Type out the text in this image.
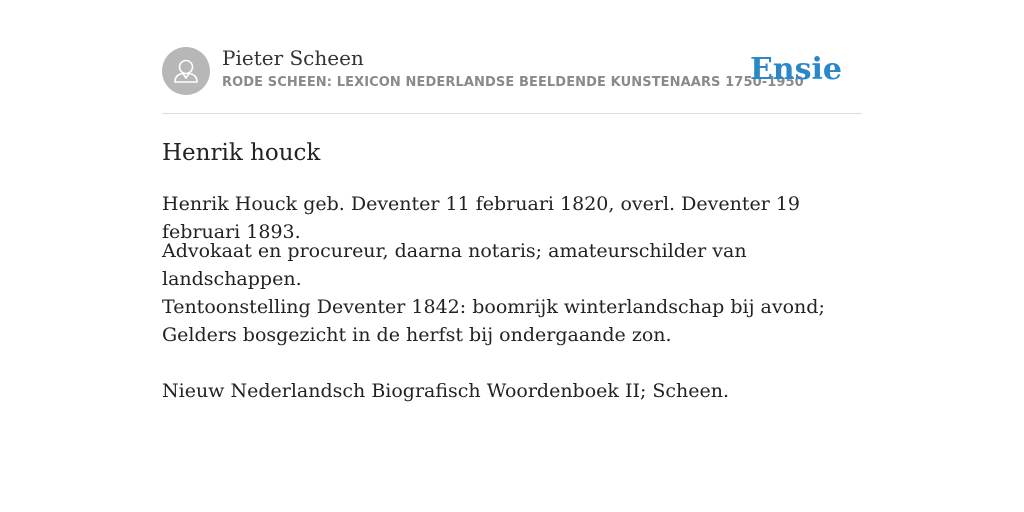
Pieter Scheen
RODE SCHEEN: LEXICON NEDERLANDSE BEELDENDE KUNSTENAARS 1750-1950
Ensie
Henrik houck

Henrik Houck geb. Deventer 11 februari 1820, overl. Deventer 19 februari 1893.

Advokaat en procureur, daarna notaris; amateurschilder van landschappen.

Tentoonstelling Deventer 1842: boomrijk winterlandschap bij avond; Gelders bosgezicht in de herfst bij ondergaande zon.

Nieuw Nederlandsch Biografisch Woordenboek II; Scheen.
